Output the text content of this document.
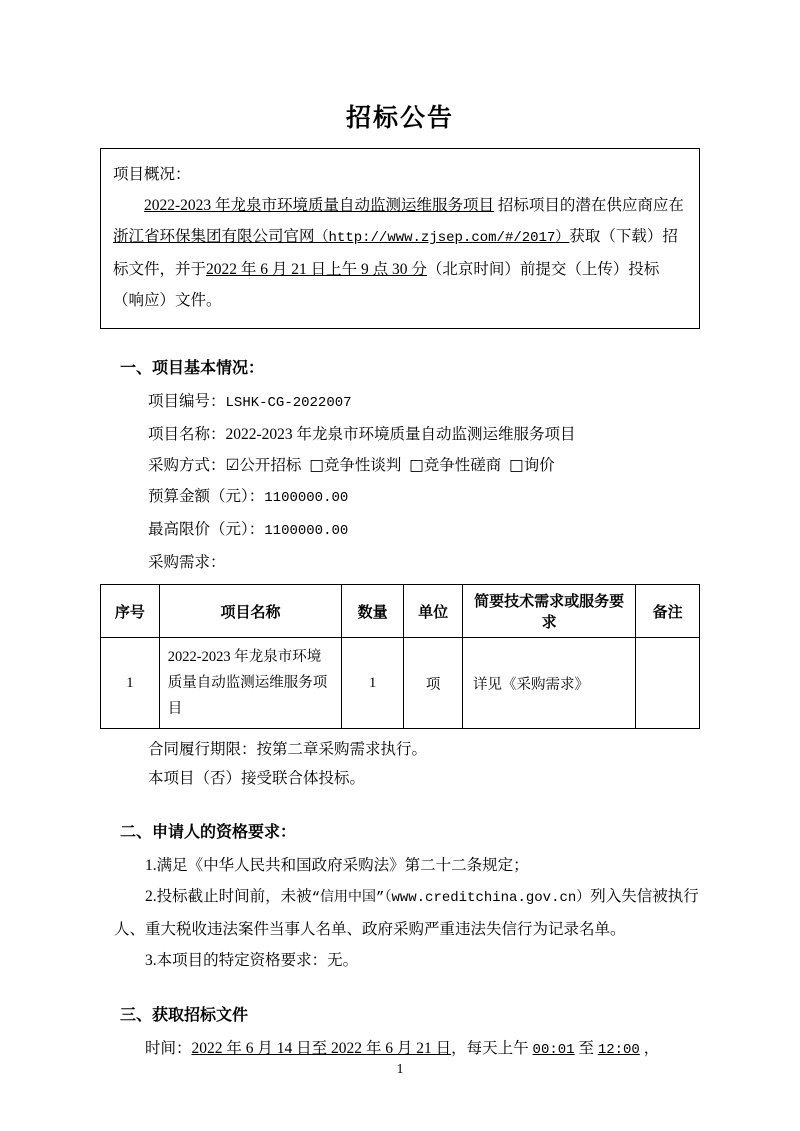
招标公告
项目概况：
2022-2023 年龙泉市环境质量自动监测运维服务项目 招标项目的潜在供应商应在浙江省环保集团有限公司官网（http://www.zjsep.com/#/2017）获取（下载）招标文件，并于2022 年 6 月 21 日上午 9 点 30 分（北京时间）前提交（上传）投标（响应）文件。
一、项目基本情况：
项目编号：LSHK-CG-2022007
项目名称：2022-2023 年龙泉市环境质量自动监测运维服务项目
采购方式：☑公开招标 □竞争性谈判 □竞争性磋商 □询价
预算金额（元）：1100000.00
最高限价（元）：1100000.00
采购需求：
序号	项目名称	数量	单位	简要技术需求或服务要求	备注
1	2022-2023 年龙泉市环境质量自动监测运维服务项目	1	项	详见《采购需求》	
合同履行期限：按第二章采购需求执行。
本项目（否）接受联合体投标。
二、申请人的资格要求：
1.满足《中华人民共和国政府采购法》第二十二条规定；
2.投标截止时间前，未被“信用中国”（www.creditchina.gov.cn）列入失信被执行人、重大税收违法案件当事人名单、政府采购严重违法失信行为记录名单。
3.本项目的特定资格要求：无。
三、获取招标文件
时间：2022 年 6 月 14 日至 2022 年 6 月 21 日，每天上午 00:01 至 12:00 ，
1
